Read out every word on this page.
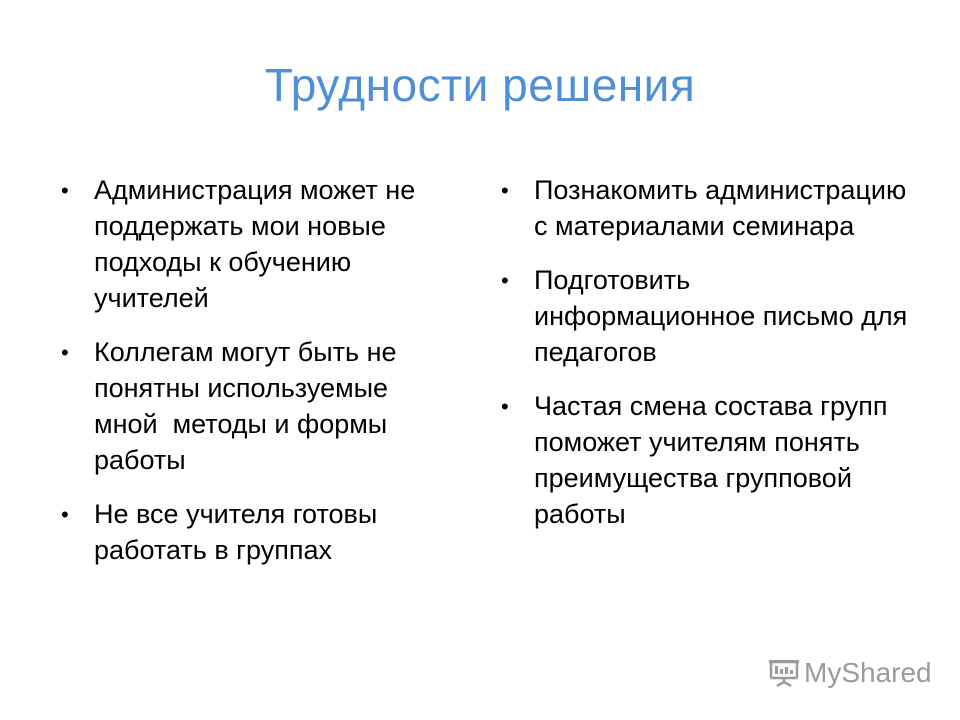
Трудности решения
• Администрация может не поддержать мои новые подходы к обучению учителей
• Коллегам могут быть не понятны используемые мной  методы и формы работы
• Не все учителя готовы работать в группах
• Познакомить администрацию с материалами семинара
• Подготовить информационное письмо для педагогов
• Частая смена состава групп поможет учителям понять преимущества групповой работы
MyShared
